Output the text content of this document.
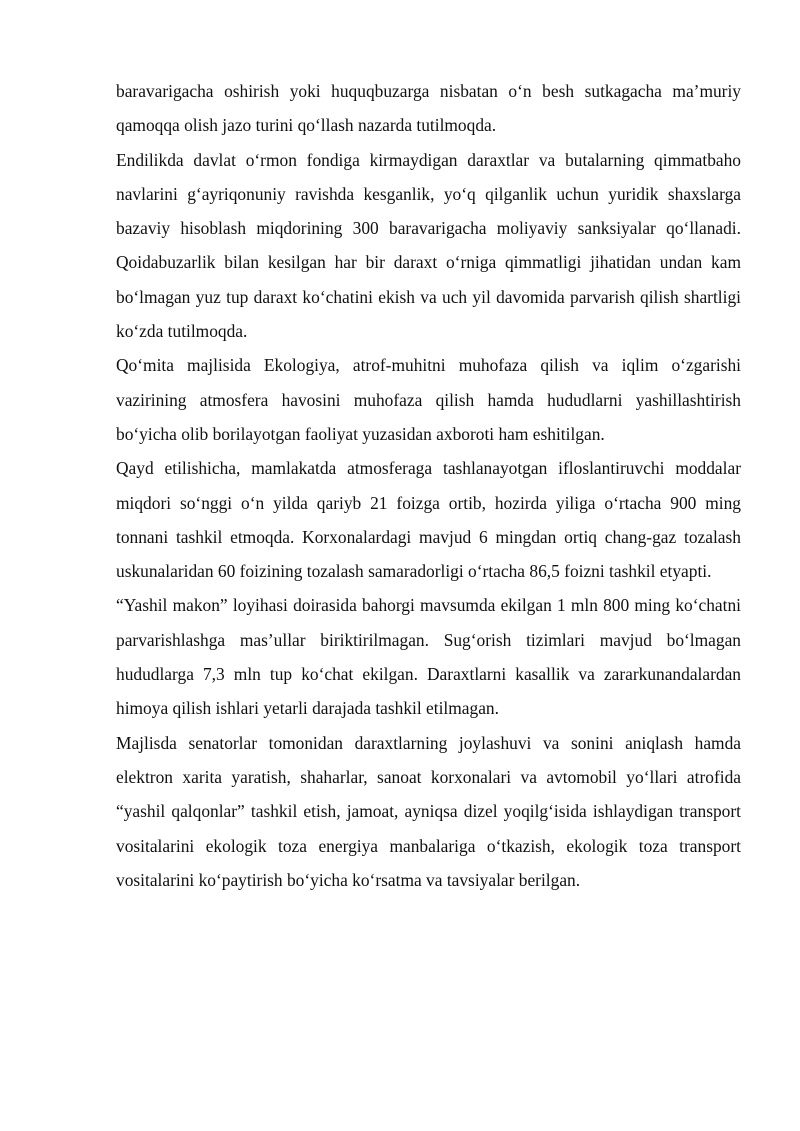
baravarigacha oshirish yoki huquqbuzarga nisbatan o‘n besh sutkagacha ma’muriy qamoqqa olish jazo turini qo‘llash nazarda tutilmoqda.

Endilikda davlat o‘rmon fondiga kirmaydigan daraxtlar va butalarning qimmatbaho navlarini g‘ayriqonuniy ravishda kesganlik, yo‘q qilganlik uchun yuridik shaxslarga bazaviy hisoblash miqdorining 300 baravarigacha moliyaviy sanksiyalar qo‘llanadi. Qoidabuzarlik bilan kesilgan har bir daraxt o‘rniga qimmatligi jihatidan undan kam bo‘lmagan yuz tup daraxt ko‘chatini ekish va uch yil davomida parvarish qilish shartligi ko‘zda tutilmoqda.

Qo‘mita majlisida Ekologiya, atrof-muhitni muhofaza qilish va iqlim o‘zgarishi vazirining atmosfera havosini muhofaza qilish hamda hududlarni yashillashtirish bo‘yicha olib borilayotgan faoliyat yuzasidan axboroti ham eshitilgan.

Qayd etilishicha, mamlakatda atmosferaga tashlanayotgan ifloslantiruvchi moddalar miqdori so‘nggi o‘n yilda qariyb 21 foizga ortib, hozirda yiliga o‘rtacha 900 ming tonnani tashkil etmoqda. Korxonalardagi mavjud 6 mingdan ortiq chang-gaz tozalash uskunalaridan 60 foizining tozalash samaradorligi o‘rtacha 86,5 foizni tashkil etyapti.

“Yashil makon” loyihasi doirasida bahorgi mavsumda ekilgan 1 mln 800 ming ko‘chatni parvarishlashga mas’ullar biriktirilmagan. Sug‘orish tizimlari mavjud bo‘lmagan hududlarga 7,3 mln tup ko‘chat ekilgan. Daraxtlarni kasallik va zararkunandalardan himoya qilish ishlari yetarli darajada tashkil etilmagan.

Majlisda senatorlar tomonidan daraxtlarning joylashuvi va sonini aniqlash hamda elektron xarita yaratish, shaharlar, sanoat korxonalari va avtomobil yo‘llari atrofida “yashil qalqonlar” tashkil etish, jamoat, ayniqsa dizel yoqilg‘isida ishlaydigan transport vositalarini ekologik toza energiya manbalariga o‘tkazish, ekologik toza transport vositalarini ko‘paytirish bo‘yicha ko‘rsatma va tavsiyalar berilgan.
